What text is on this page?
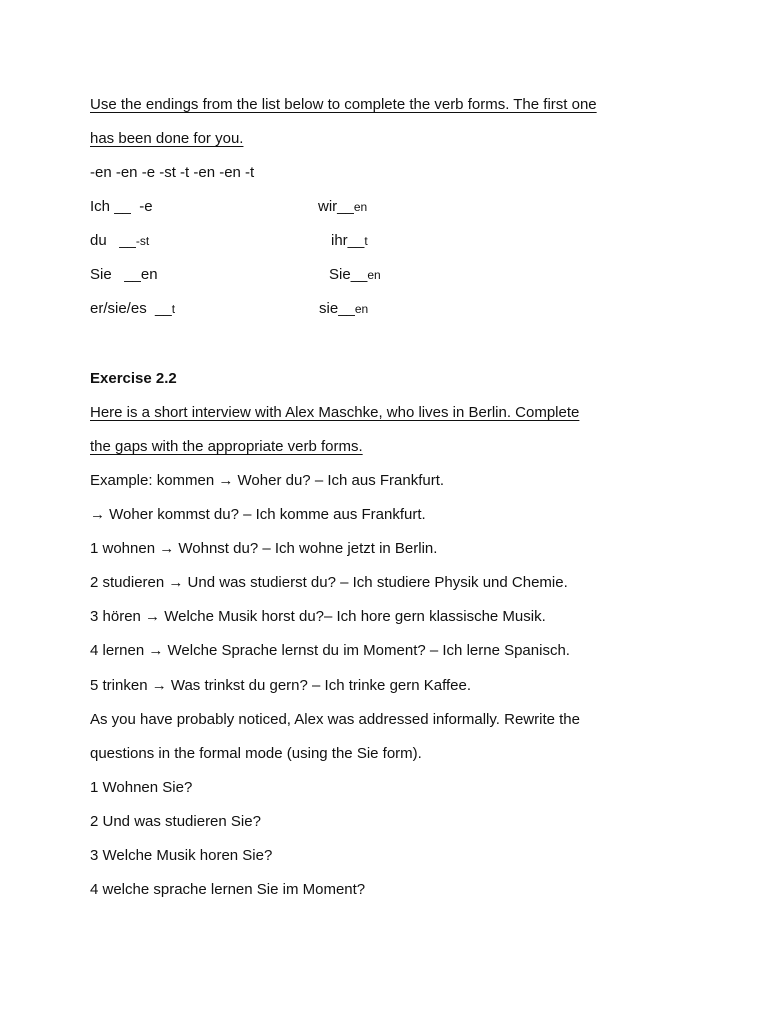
Use the endings from the list below to complete the verb forms. The first one
has been done for you.
-en -en -e -st -t -en -en -t
Ich __ -e	wir__en
du __-st	ihr__t
Sie __en	Sie__en
er/sie/es __t	sie__en
Exercise 2.2
Here is a short interview with Alex Maschke, who lives in Berlin. Complete
the gaps with the appropriate verb forms.
Example: kommen → Woher du? – Ich aus Frankfurt.
→ Woher kommst du? – Ich komme aus Frankfurt.
1 wohnen → Wohnst du? – Ich wohne jetzt in Berlin.
2 studieren → Und was studierst du? – Ich studiere Physik und Chemie.
3 hören → Welche Musik horst du?– Ich hore gern klassische Musik.
4 lernen → Welche Sprache lernst du im Moment? – Ich lerne Spanisch.
5 trinken → Was trinkst du gern? – Ich trinke gern Kaffee.
As you have probably noticed, Alex was addressed informally. Rewrite the
questions in the formal mode (using the Sie form).
1 Wohnen Sie?
2 Und was studieren Sie?
3 Welche Musik horen Sie?
4 welche sprache lernen Sie im Moment?
